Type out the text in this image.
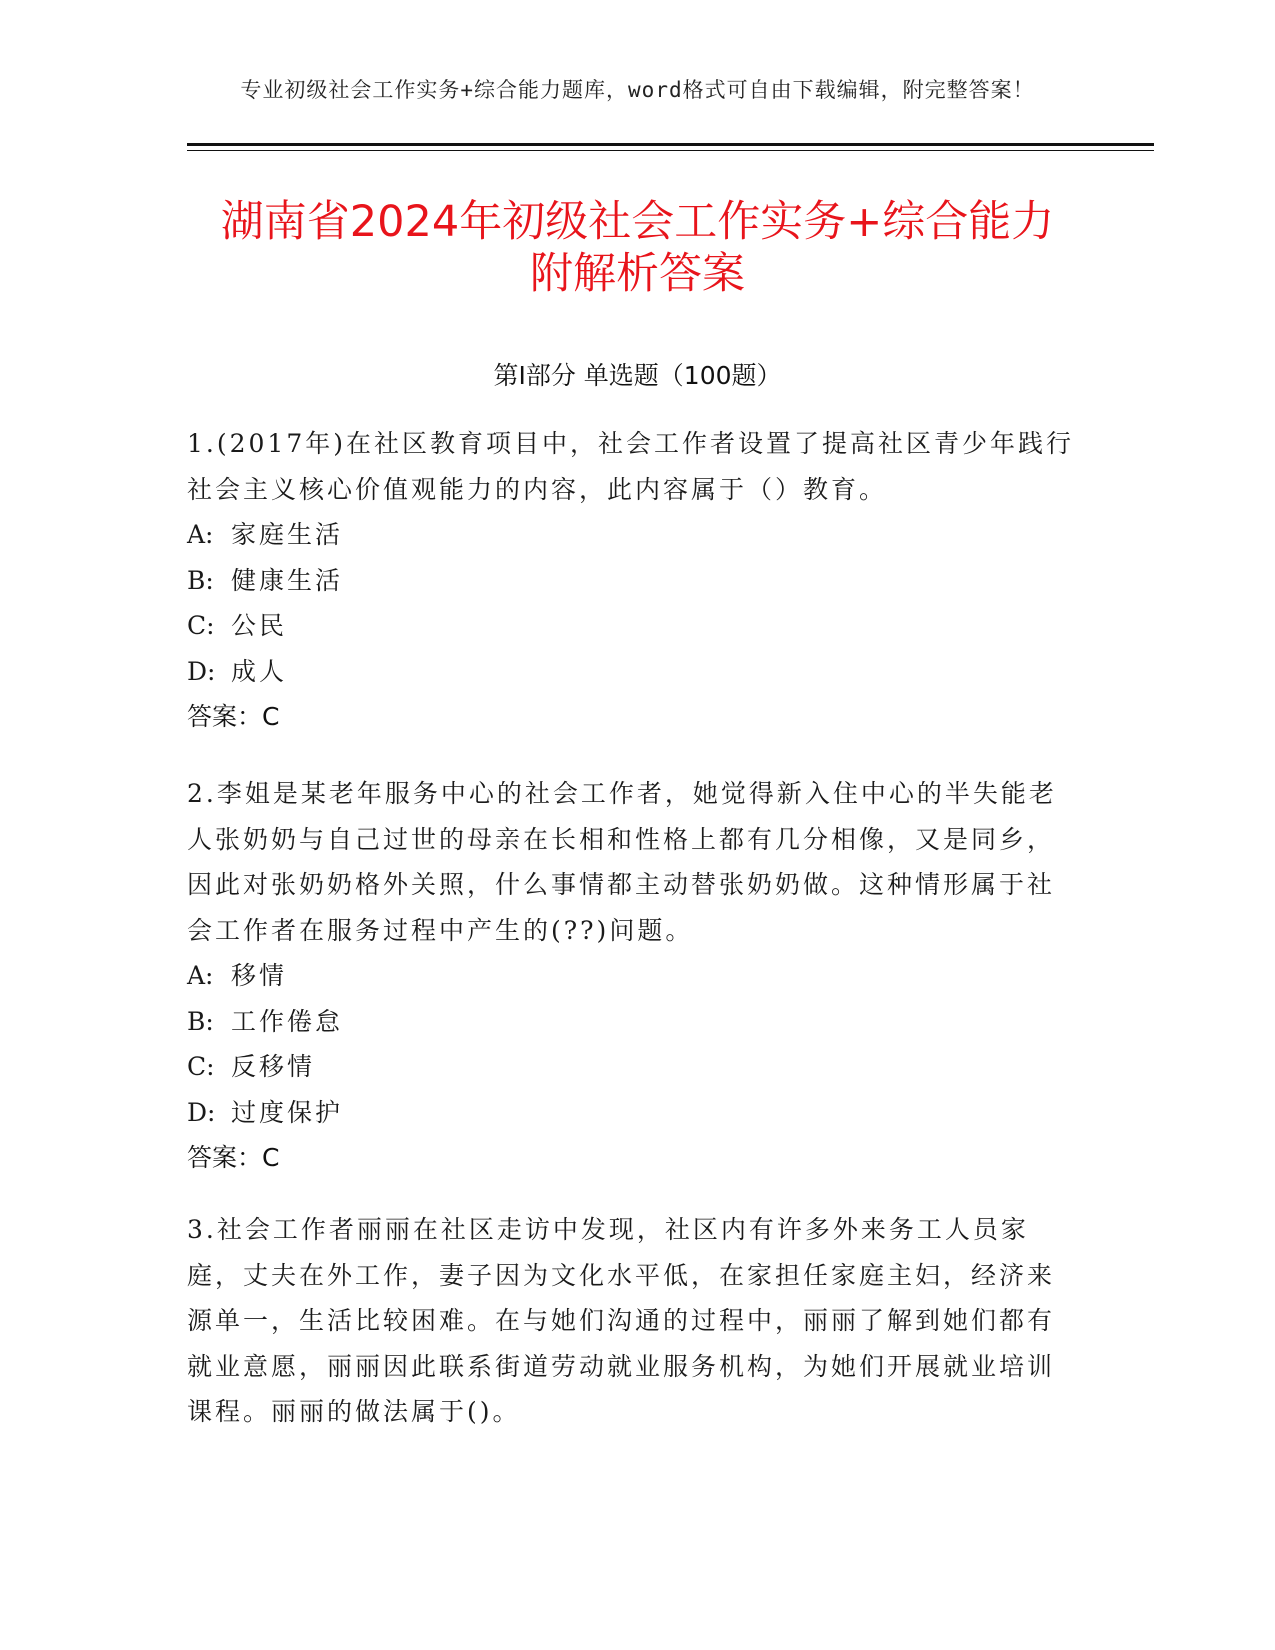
专业初级社会工作实务+综合能力题库，word格式可自由下载编辑，附完整答案！
湖南省2024年初级社会工作实务+综合能力
附解析答案
第Ⅰ部分 单选题（100题）

1.(2017年)在社区教育项目中，社会工作者设置了提高社区青少年践行社会主义核心价值观能力的内容，此内容属于（）教育。

A: 家庭生活

B: 健康生活

C: 公民

D: 成人

答案：C

2.李姐是某老年服务中心的社会工作者，她觉得新入住中心的半失能老人张奶奶与自己过世的母亲在长相和性格上都有几分相像，又是同乡，因此对张奶奶格外关照，什么事情都主动替张奶奶做。这种情形属于社会工作者在服务过程中产生的(??)问题。

A: 移情

B: 工作倦怠

C: 反移情

D: 过度保护

答案：C

3.社会工作者丽丽在社区走访中发现，社区内有许多外来务工人员家庭，丈夫在外工作，妻子因为文化水平低，在家担任家庭主妇，经济来源单一，生活比较困难。在与她们沟通的过程中，丽丽了解到她们都有就业意愿，丽丽因此联系街道劳动就业服务机构，为她们开展就业培训课程。丽丽的做法属于()。
